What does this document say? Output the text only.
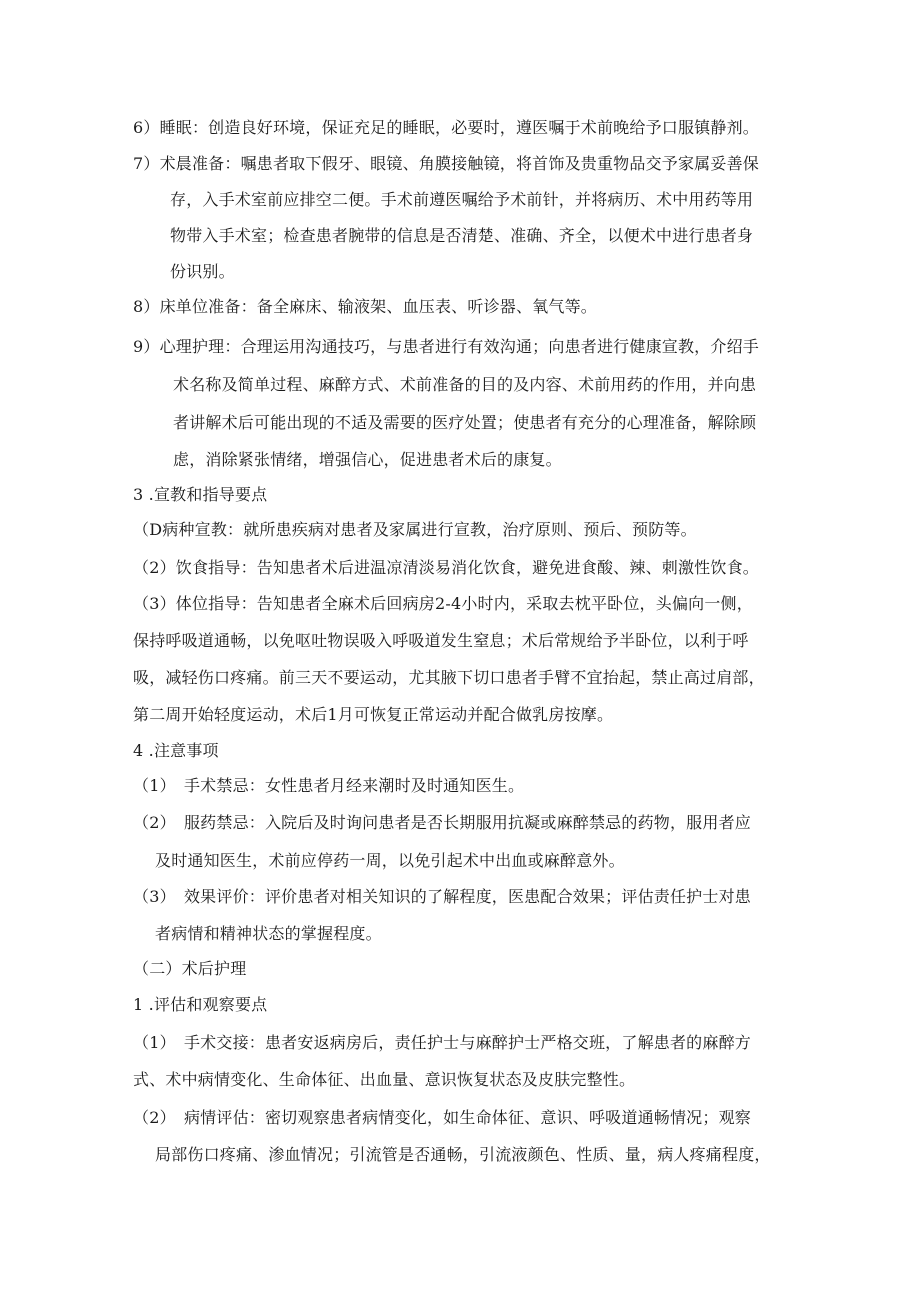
6）睡眠：创造良好环境，保证充足的睡眠，必要时，遵医嘱于术前晚给予口服镇静剂。
7）术晨准备：嘱患者取下假牙、眼镜、角膜接触镜，将首饰及贵重物品交予家属妥善保
存，入手术室前应排空二便。手术前遵医嘱给予术前针，并将病历、术中用药等用
物带入手术室；检查患者腕带的信息是否清楚、准确、齐全，以便术中进行患者身
份识别。
8）床单位准备：备全麻床、输液架、血压表、听诊器、氧气等。
9）心理护理：合理运用沟通技巧，与患者进行有效沟通；向患者进行健康宣教，介绍手
术名称及简单过程、麻醉方式、术前准备的目的及内容、术前用药的作用，并向患
者讲解术后可能出现的不适及需要的医疗处置；使患者有充分的心理准备，解除顾
虑，消除紧张情绪，增强信心，促进患者术后的康复。
3 .宣教和指导要点
（D病种宣教：就所患疾病对患者及家属进行宣教，治疗原则、预后、预防等。
（2）饮食指导：告知患者术后进温凉清淡易消化饮食，避免进食酸、辣、刺激性饮食。
（3）体位指导：告知患者全麻术后回病房2-4小时内，采取去枕平卧位，头偏向一侧，
保持呼吸道通畅，以免呕吐物误吸入呼吸道发生窒息；术后常规给予半卧位，以利于呼
吸，减轻伤口疼痛。前三天不要运动，尤其腋下切口患者手臂不宜抬起，禁止高过肩部，
第二周开始轻度运动，术后1月可恢复正常运动并配合做乳房按摩。
4 .注意事项
（1）　手术禁忌：女性患者月经来潮时及时通知医生。
（2）　服药禁忌：入院后及时询问患者是否长期服用抗凝或麻醉禁忌的药物，服用者应
及时通知医生，术前应停药一周，以免引起术中出血或麻醉意外。
（3）　效果评价：评价患者对相关知识的了解程度，医患配合效果；评估责任护士对患
者病情和精神状态的掌握程度。
（二）术后护理
1 .评估和观察要点
（1）　手术交接：患者安返病房后，责任护士与麻醉护士严格交班，了解患者的麻醉方
式、术中病情变化、生命体征、出血量、意识恢复状态及皮肤完整性。
（2）　病情评估：密切观察患者病情变化，如生命体征、意识、呼吸道通畅情况；观察
局部伤口疼痛、渗血情况；引流管是否通畅，引流液颜色、性质、量，病人疼痛程度，
